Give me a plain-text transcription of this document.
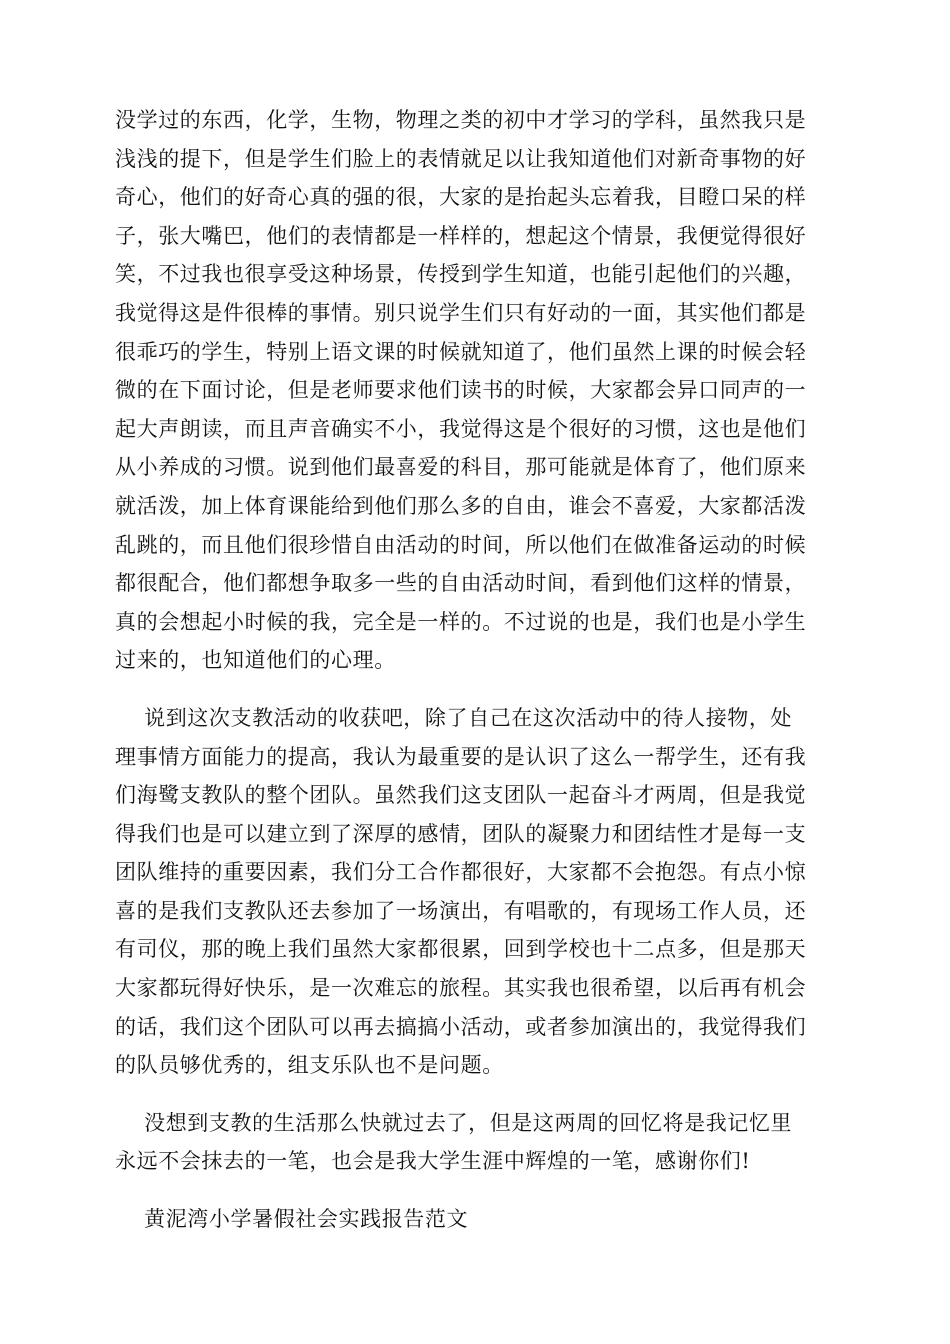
没学过的东西，化学，生物，物理之类的初中才学习的学科，虽然我只是

浅浅的提下，但是学生们脸上的表情就足以让我知道他们对新奇事物的好

奇心，他们的好奇心真的强的很，大家的是抬起头忘着我，目瞪口呆的样

子，张大嘴巴，他们的表情都是一样样的，想起这个情景，我便觉得很好

笑，不过我也很享受这种场景，传授到学生知道，也能引起他们的兴趣，

我觉得这是件很棒的事情。别只说学生们只有好动的一面，其实他们都是

很乖巧的学生，特别上语文课的时候就知道了，他们虽然上课的时候会轻

微的在下面讨论，但是老师要求他们读书的时候，大家都会异口同声的一

起大声朗读，而且声音确实不小，我觉得这是个很好的习惯，这也是他们

从小养成的习惯。说到他们最喜爱的科目，那可能就是体育了，他们原来

就活泼，加上体育课能给到他们那么多的自由，谁会不喜爱，大家都活泼

乱跳的，而且他们很珍惜自由活动的时间，所以他们在做准备运动的时候

都很配合，他们都想争取多一些的自由活动时间，看到他们这样的情景，

真的会想起小时候的我，完全是一样的。不过说的也是，我们也是小学生

过来的，也知道他们的心理。

说到这次支教活动的收获吧，除了自己在这次活动中的待人接物，处

理事情方面能力的提高，我认为最重要的是认识了这么一帮学生，还有我

们海鹭支教队的整个团队。虽然我们这支团队一起奋斗才两周，但是我觉

得我们也是可以建立到了深厚的感情，团队的凝聚力和团结性才是每一支

团队维持的重要因素，我们分工合作都很好，大家都不会抱怨。有点小惊

喜的是我们支教队还去参加了一场演出，有唱歌的，有现场工作人员，还

有司仪，那的晚上我们虽然大家都很累，回到学校也十二点多，但是那天

大家都玩得好快乐，是一次难忘的旅程。其实我也很希望，以后再有机会

的话，我们这个团队可以再去搞搞小活动，或者参加演出的，我觉得我们

的队员够优秀的，组支乐队也不是问题。

没想到支教的生活那么快就过去了，但是这两周的回忆将是我记忆里

永远不会抹去的一笔，也会是我大学生涯中辉煌的一笔，感谢你们!

黄泥湾小学暑假社会实践报告范文
